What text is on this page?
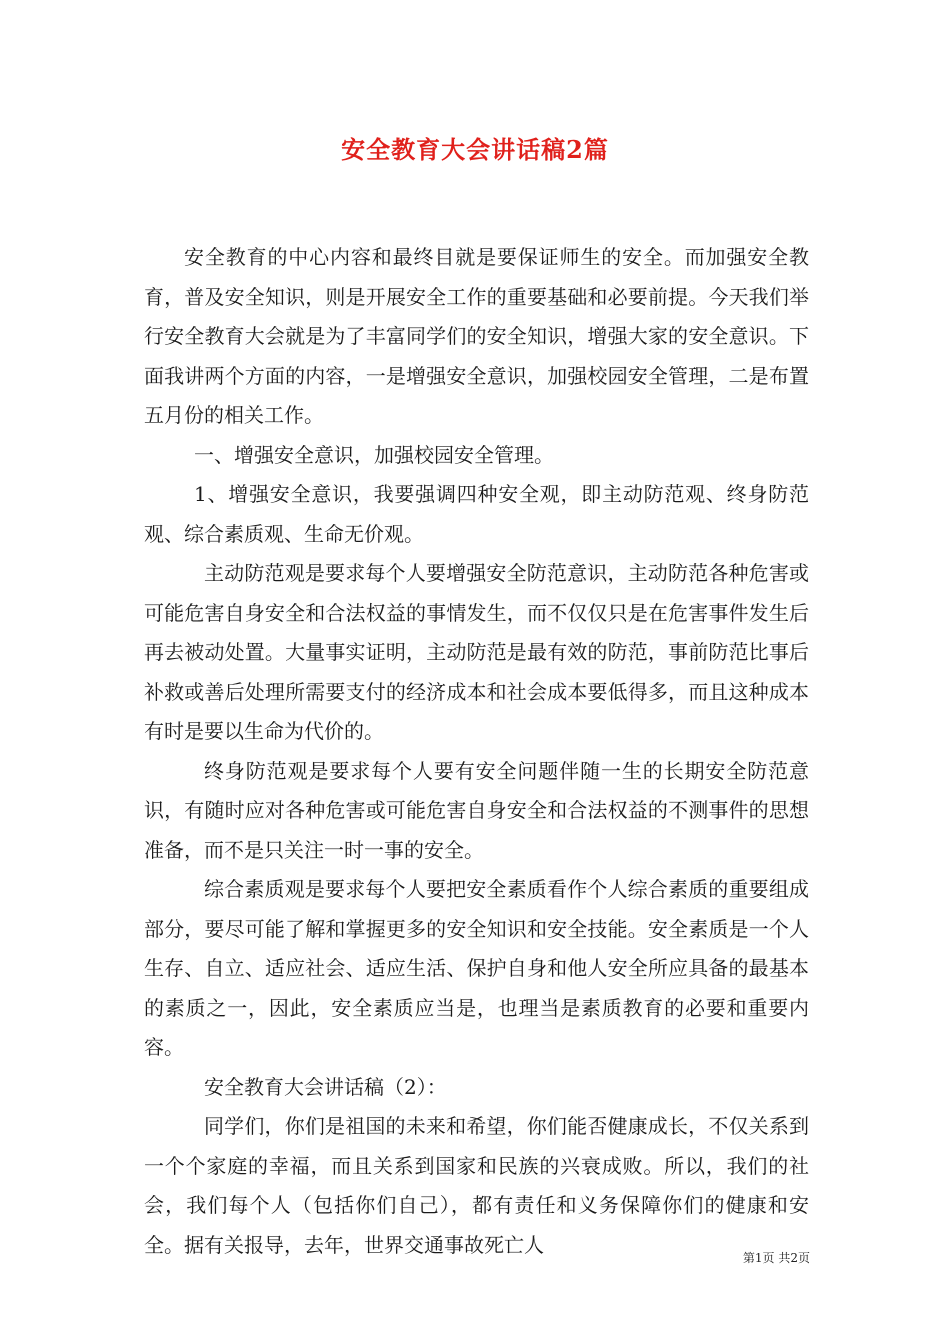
安全教育大会讲话稿2篇

安全教育的中心内容和最终目就是要保证师生的安全。而加强安全教育，普及安全知识，则是开展安全工作的重要基础和必要前提。今天我们举行安全教育大会就是为了丰富同学们的安全知识，增强大家的安全意识。下面我讲两个方面的内容，一是增强安全意识，加强校园安全管理，二是布置五月份的相关工作。

一、增强安全意识，加强校园安全管理。

1、增强安全意识，我要强调四种安全观，即主动防范观、终身防范观、综合素质观、生命无价观。

主动防范观是要求每个人要增强安全防范意识，主动防范各种危害或可能危害自身安全和合法权益的事情发生，而不仅仅只是在危害事件发生后再去被动处置。大量事实证明，主动防范是最有效的防范，事前防范比事后补救或善后处理所需要支付的经济成本和社会成本要低得多，而且这种成本有时是要以生命为代价的。

终身防范观是要求每个人要有安全问题伴随一生的长期安全防范意识，有随时应对各种危害或可能危害自身安全和合法权益的不测事件的思想准备，而不是只关注一时一事的安全。

综合素质观是要求每个人要把安全素质看作个人综合素质的重要组成部分，要尽可能了解和掌握更多的安全知识和安全技能。安全素质是一个人生存、自立、适应社会、适应生活、保护自身和他人安全所应具备的最基本的素质之一，因此，安全素质应当是，也理当是素质教育的必要和重要内容。

安全教育大会讲话稿（2）：

同学们，你们是祖国的未来和希望，你们能否健康成长，不仅关系到一个个家庭的幸福，而且关系到国家和民族的兴衰成败。所以，我们的社会，我们每个人（包括你们自己），都有责任和义务保障你们的健康和安全。据有关报导，去年，世界交通事故死亡人

第1页 共2页
